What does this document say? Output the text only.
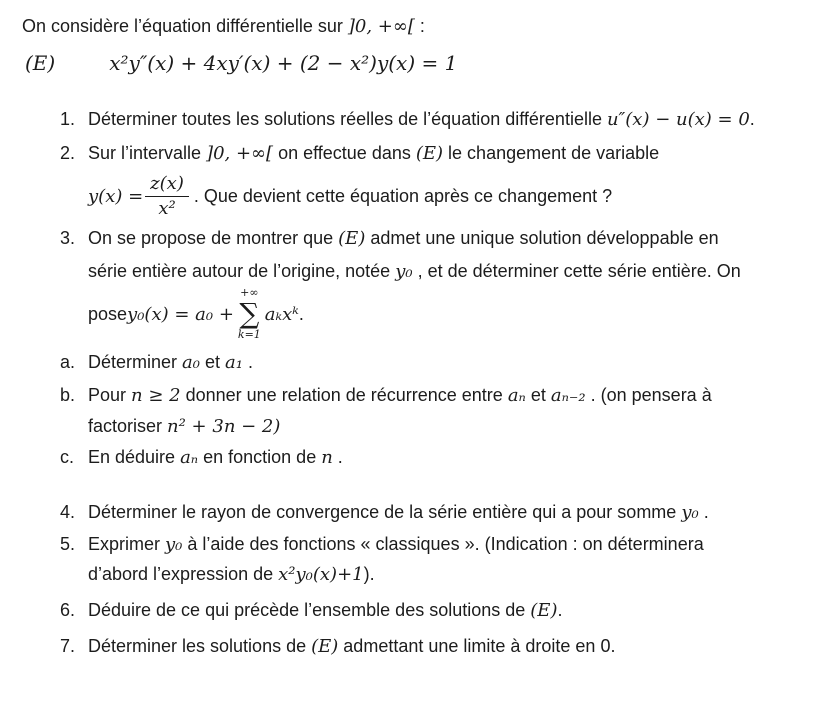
On considère l’équation différentielle sur ]0, +∞[ :

(E)	x²y″(x) + 4xy′(x) + (2 − x²)y(x) = 1

1. Déterminer toutes les solutions réelles de l’équation différentielle u″(x) − u(x) = 0.

2. Sur l’intervalle ]0, +∞[ on effectue dans (E) le changement de variable

$y(x) = \frac{z(x)}{\text{x²}}$ . Que devient cette équation après ce changement ?

3. On se propose de montrer que (E) admet une unique solution développable en

série entière autour de l’origine, notée y₀ , et de déterminer cette série entière. On

pose y₀(x) = a₀ +
+∞
∑
k=1
aₖxᵏ .

a. Déterminer a₀ et a₁ .

b. Pour n ≥ 2 donner une relation de récurrence entre aₙ et aₙ₋₂ . (on pensera à

factoriser n² + 3n − 2)

c. En déduire aₙ en fonction de n .

4. Déterminer le rayon de convergence de la série entière qui a pour somme y₀ .

5. Exprimer y₀ à l’aide des fonctions « classiques ». (Indication : on déterminera

d’abord l’expression de x²y₀(x)+1).

6. Déduire de ce qui précède l’ensemble des solutions de (E).

7. Déterminer les solutions de (E) admettant une limite à droite en 0.
